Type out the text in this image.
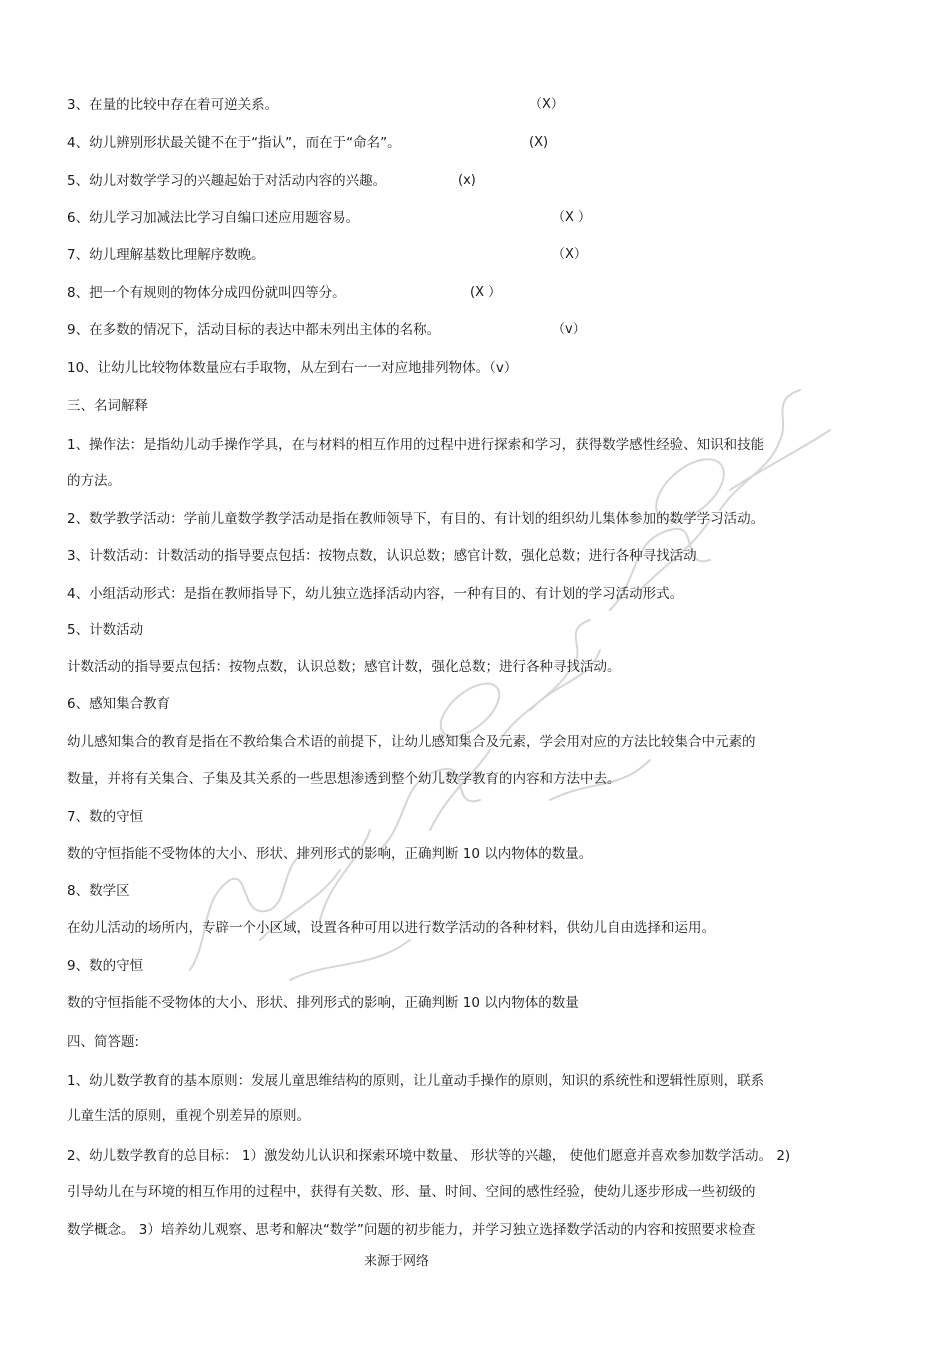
3、在量的比较中存在着可逆关系。	（X）
4、幼儿辨别形状最关键不在于“指认”，而在于“命名”。	(X)
5、幼儿对数学学习的兴趣起始于对活动内容的兴趣。	(x)
6、幼儿学习加减法比学习自编口述应用题容易。	（X ）
7、幼儿理解基数比理解序数晚。	（X）
8、把一个有规则的物体分成四份就叫四等分。	(X ）
9、在多数的情况下，活动目标的表达中都未列出主体的名称。	（v）
10、让幼儿比较物体数量应右手取物，从左到右一一对应地排列物体。（v）
三、名词解释
1、操作法：是指幼儿动手操作学具，在与材料的相互作用的过程中进行探索和学习，获得数学感性经验、知识和技能
的方法。
2、数学教学活动：学前儿童数学教学活动是指在教师领导下，有目的、有计划的组织幼儿集体参加的数学学习活动。
3、计数活动：计数活动的指导要点包括：按物点数，认识总数；感官计数，强化总数；进行各种寻找活动
4、小组活动形式：是指在教师指导下，幼儿独立选择活动内容，一种有目的、有计划的学习活动形式。
5、计数活动
计数活动的指导要点包括：按物点数，认识总数；感官计数，强化总数；进行各种寻找活动。
6、感知集合教育
幼儿感知集合的教育是指在不教给集合术语的前提下，让幼儿感知集合及元素，学会用对应的方法比较集合中元素的
数量，并将有关集合、子集及其关系的一些思想渗透到整个幼儿数学教育的内容和方法中去。
7、数的守恒
数的守恒指能不受物体的大小、形状、排列形式的影响，正确判断 10 以内物体的数量。
8、数学区
在幼儿活动的场所内，专辟一个小区域，设置各种可用以进行数学活动的各种材料，供幼儿自由选择和运用。
9、数的守恒
数的守恒指能不受物体的大小、形状、排列形式的影响，正确判断 10 以内物体的数量
四、简答题:
1、幼儿数学教育的基本原则：发展儿童思维结构的原则，让儿童动手操作的原则，知识的系统性和逻辑性原则，联系
儿童生活的原则，重视个别差异的原则。
2、幼儿数学教育的总目标： 1）激发幼儿认识和探索环境中数量、 形状等的兴趣， 使他们愿意并喜欢参加数学活动。 2)
引导幼儿在与环境的相互作用的过程中，获得有关数、形、量、时间、空间的感性经验，使幼儿逐步形成一些初级的
数学概念。 3）培养幼儿观察、思考和解决“数学”问题的初步能力，并学习独立选择数学活动的内容和按照要求检查
来源于网络
